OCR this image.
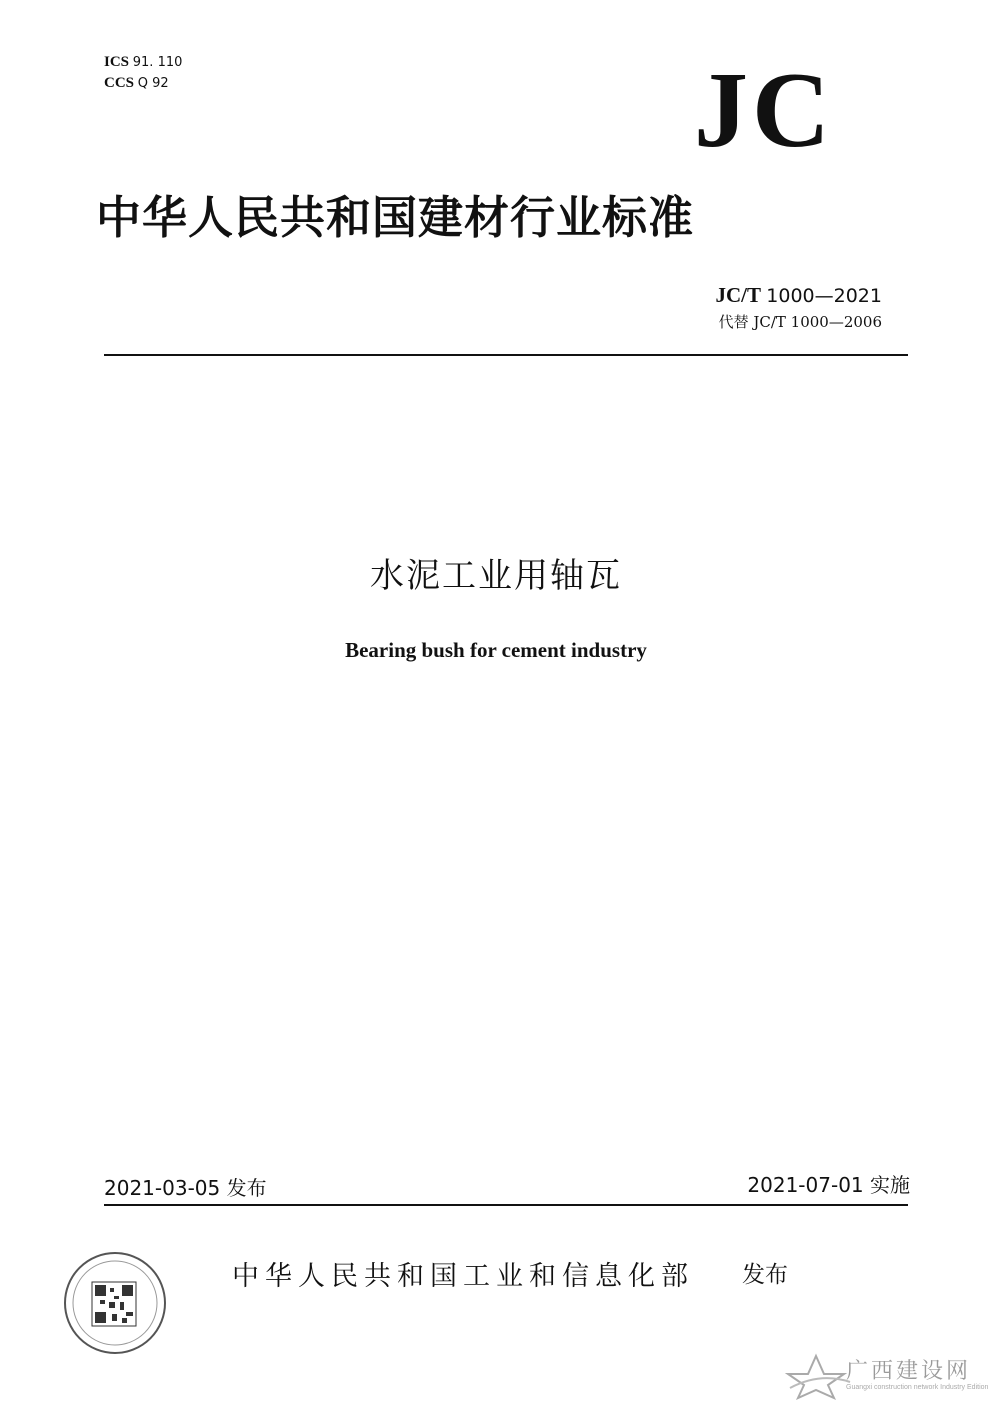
ICS 91. 110
CCS Q 92	JC
中华人民共和国建材行业标准
JC/T 1000—2021
代替 JC/T 1000—2006
水泥工业用轴瓦
Bearing bush for cement industry
2021-03-05 发布	2021-07-01 实施
中华人民共和国工业和信息化部 发布
广西建设网
Guangxi construction network Industry Edition
